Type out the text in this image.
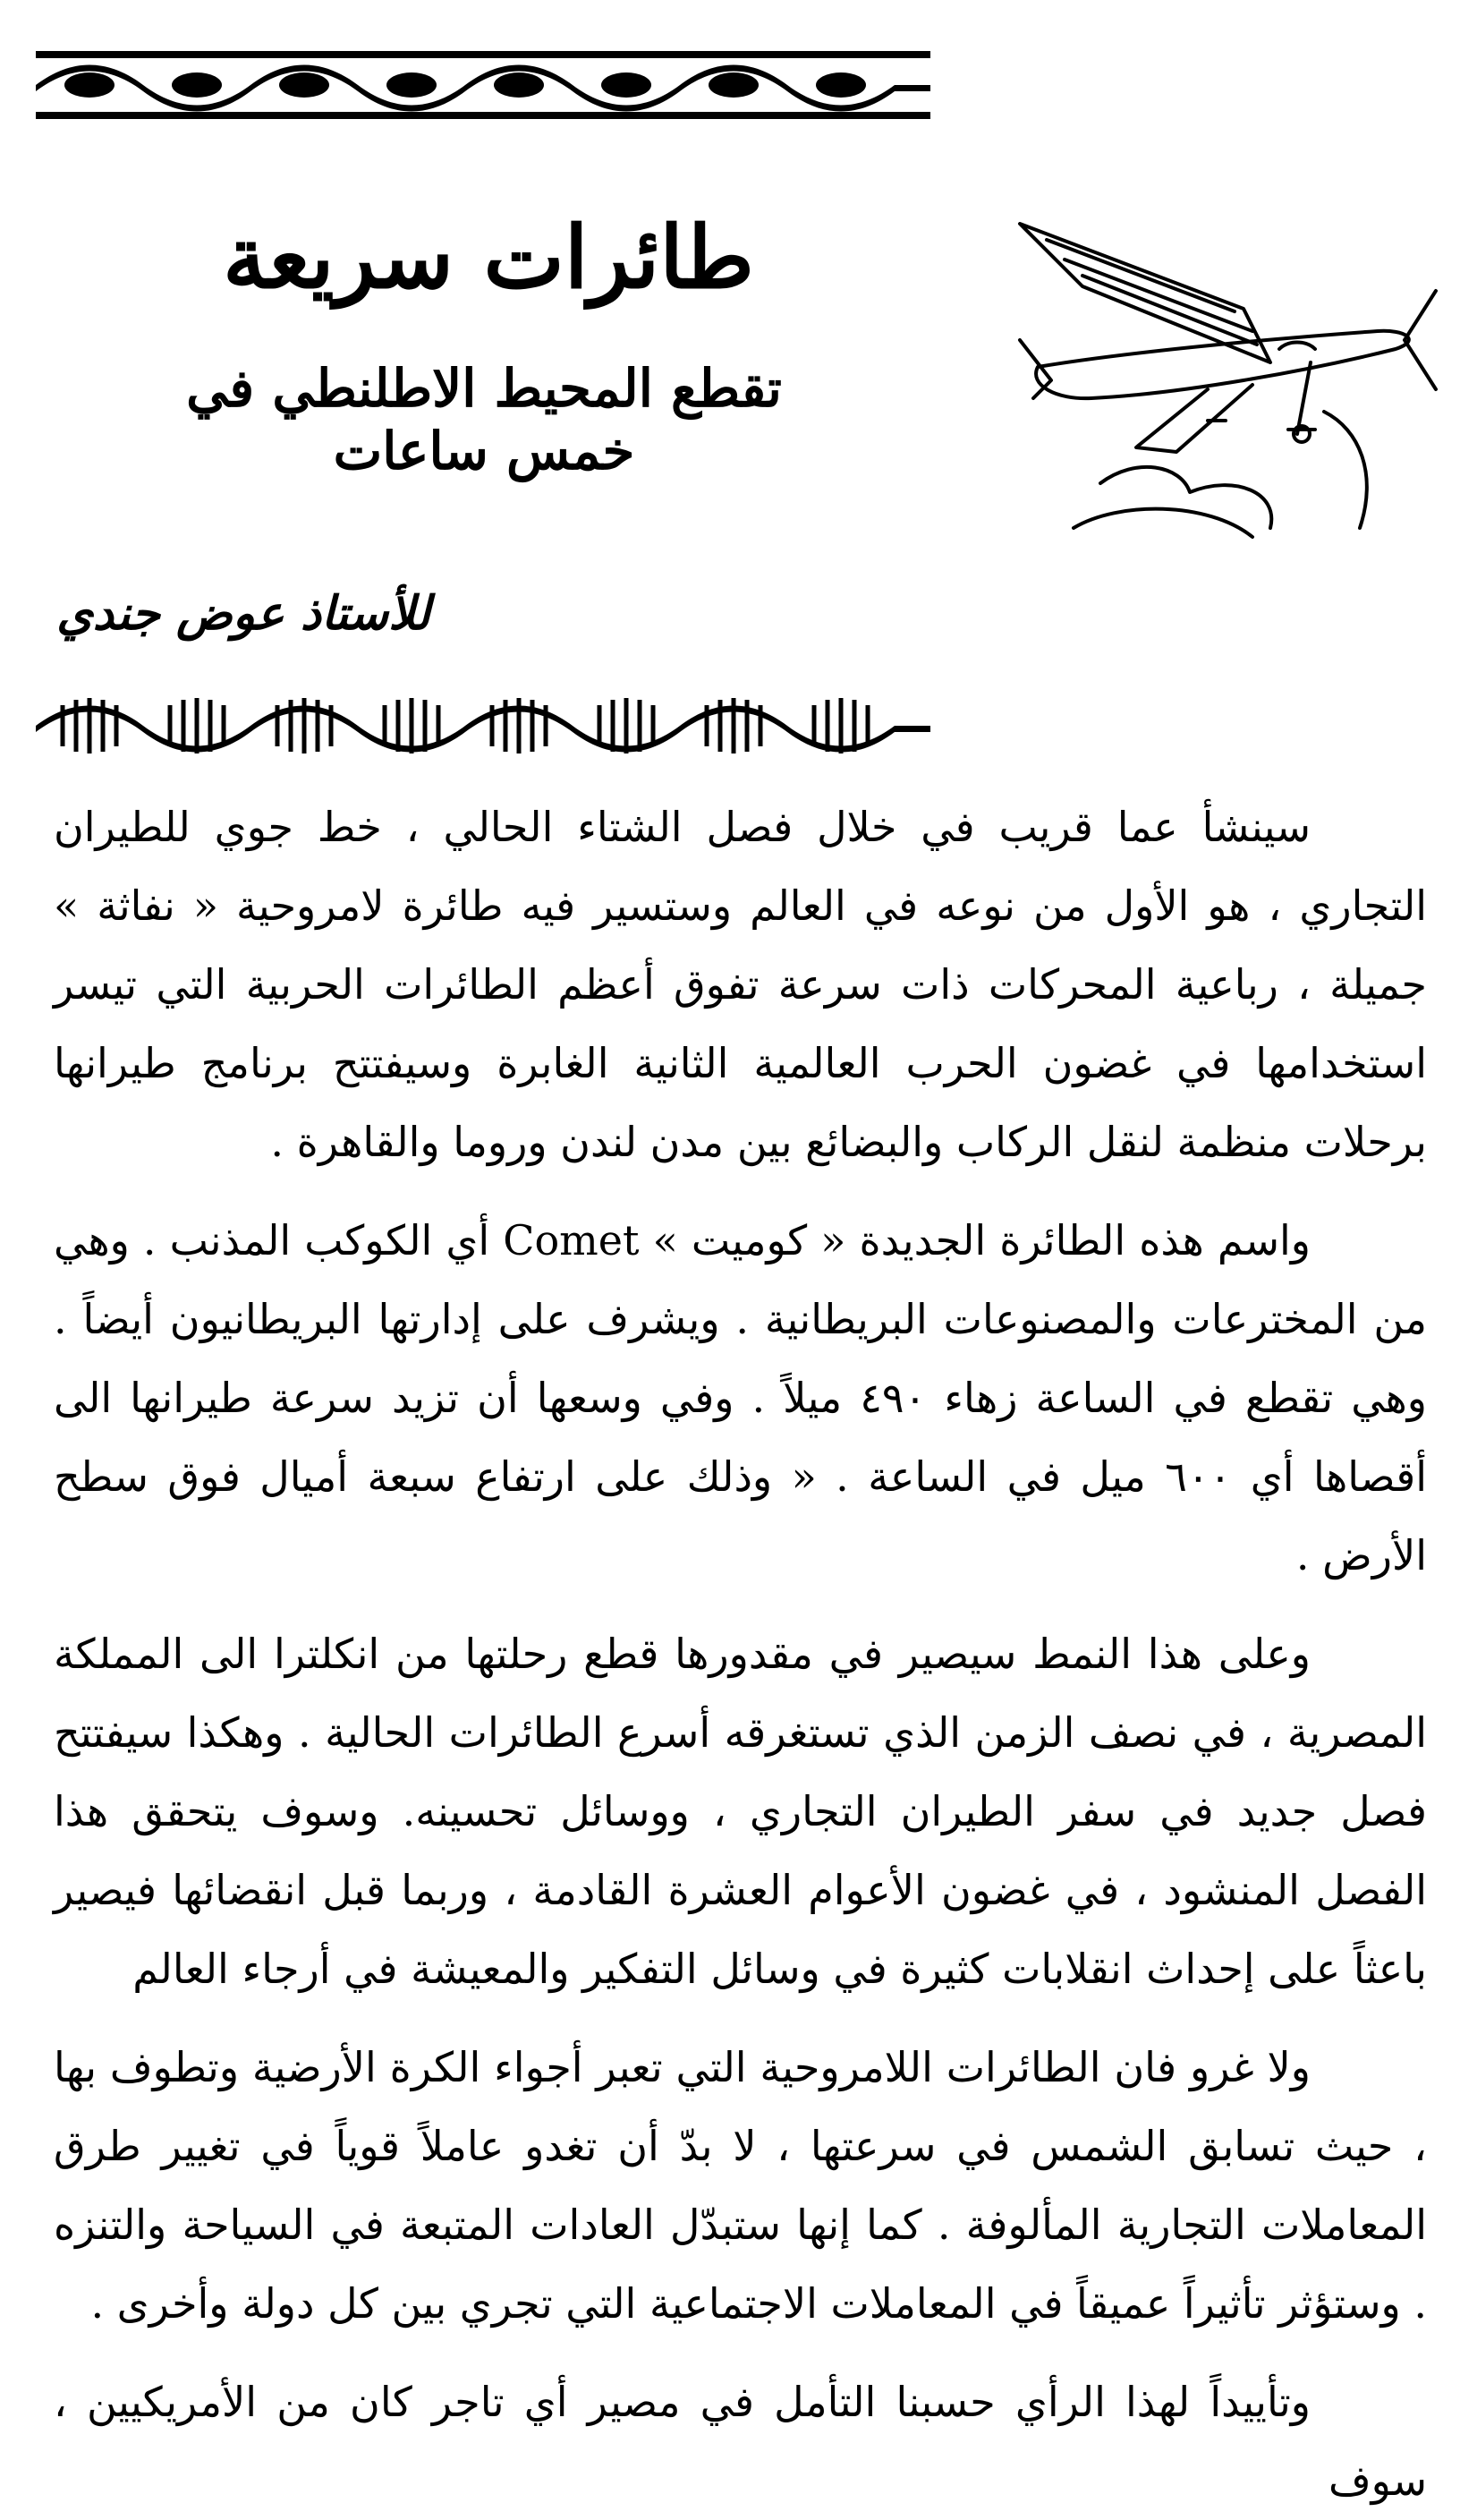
طائرات سريعة
تقطع المحيط الاطلنطي في خمس ساعات
للأستاذ عوض جندي

سينشأ عما قريب في خلال فصل الشتاء الحالي ، خط جوي للطيران التجاري ، هو الأول من نوعه في العالم وستسير فيه طائرة لامروحية « نفاثة » جميلة ، رباعية المحركات ذات سرعة تفوق أعظم الطائرات الحربية التي تيسر استخدامها في غضون الحرب العالمية الثانية الغابرة وسيفتتح برنامج طيرانها برحلات منظمة لنقل الركاب والبضائع بين مدن لندن وروما والقاهرة .

واسم هذه الطائرة الجديدة « كوميت » Comet أي الكوكب المذنب . وهي من المخترعات والمصنوعات البريطانية . ويشرف على إدارتها البريطانيون أيضاً . وهي تقطع في الساعة زهاء ٤٩٠ ميلاً . وفي وسعها أن تزيد سرعة طيرانها الى أقصاها أي ٦٠٠ ميل في الساعة . « وذلك على ارتفاع سبعة أميال فوق سطح الأرض .

وعلى هذا النمط سيصير في مقدورها قطع رحلتها من انكلترا الى المملكة المصرية ، في نصف الزمن الذي تستغرقه أسرع الطائرات الحالية . وهكذا سيفتتح فصل جديد في سفر الطيران التجاري ، ووسائل تحسينه. وسوف يتحقق هذا الفصل المنشود ، في غضون الأعوام العشرة القادمة ، وربما قبل انقضائها فيصير باعثاً على إحداث انقلابات كثيرة في وسائل التفكير والمعيشة في أرجاء العالم

ولا غرو فان الطائرات اللامروحية التي تعبر أجواء الكرة الأرضية وتطوف بها ، حيث تسابق الشمس في سرعتها ، لا بدّ أن تغدو عاملاً قوياً في تغيير طرق المعاملات التجارية المألوفة . كما إنها ستبدّل العادات المتبعة في السياحة والتنزه . وستؤثر تأثيراً عميقاً في المعاملات الاجتماعية التي تجري بين كل دولة وأخرى .

وتأييداً لهذا الرأي حسبنا التأمل في مصير أي تاجر كان من الأمريكيين ، سوف
